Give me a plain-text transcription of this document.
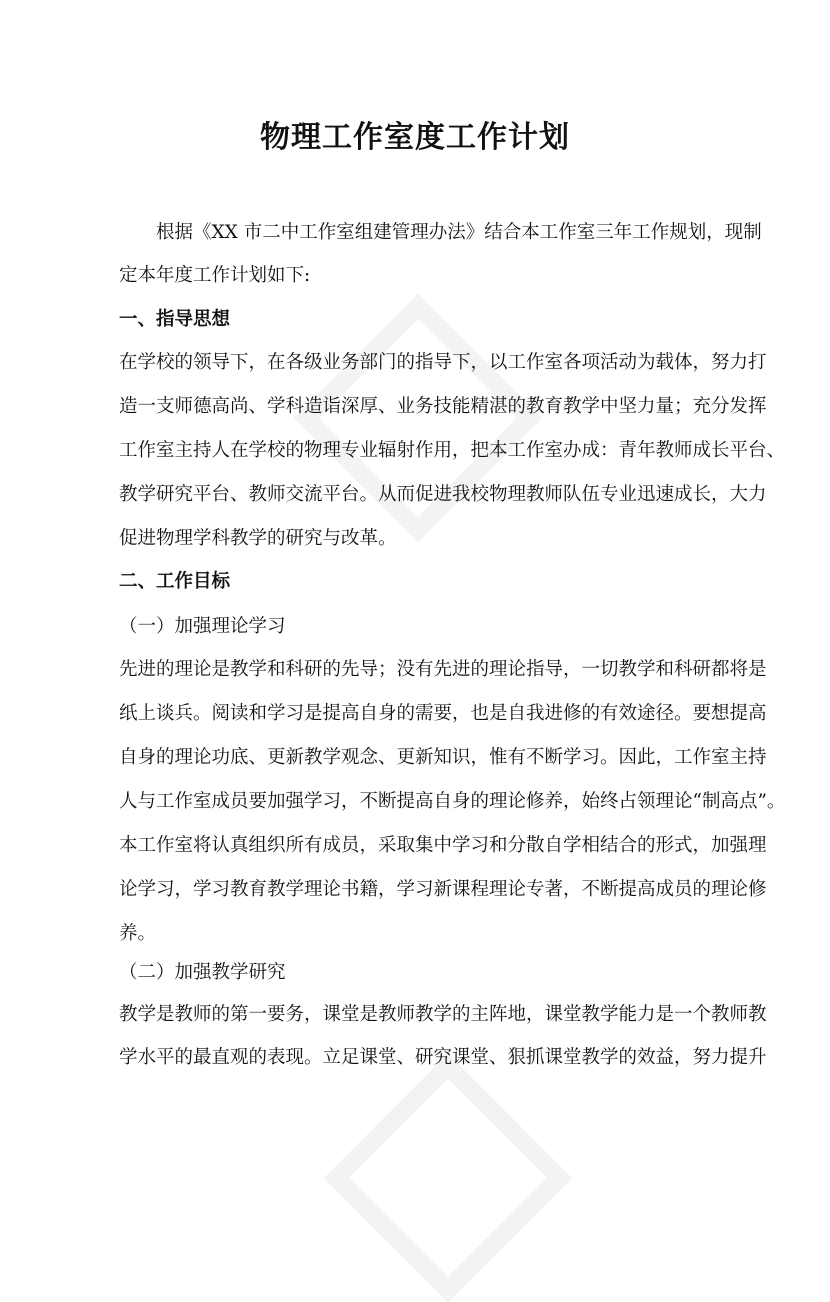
物理工作室度工作计划
根据《XX 市二中工作室组建管理办法》结合本工作室三年工作规划，现制
定本年度工作计划如下:
一、指导思想
在学校的领导下，在各级业务部门的指导下，以工作室各项活动为载体，努力打
造一支师德高尚、学科造诣深厚、业务技能精湛的教育教学中坚力量；充分发挥
工作室主持人在学校的物理专业辐射作用，把本工作室办成：青年教师成长平台、
教学研究平台、教师交流平台。从而促进我校物理教师队伍专业迅速成长，大力
促进物理学科教学的研究与改革。
二、工作目标
（一）加强理论学习
先进的理论是教学和科研的先导；没有先进的理论指导，一切教学和科研都将是
纸上谈兵。阅读和学习是提高自身的需要，也是自我进修的有效途径。要想提高
自身的理论功底、更新教学观念、更新知识，惟有不断学习。因此，工作室主持
人与工作室成员要加强学习，不断提高自身的理论修养，始终占领理论“制高点”。
本工作室将认真组织所有成员，采取集中学习和分散自学相结合的形式，加强理
论学习，学习教育教学理论书籍，学习新课程理论专著，不断提高成员的理论修
养。
（二）加强教学研究
教学是教师的第一要务，课堂是教师教学的主阵地，课堂教学能力是一个教师教
学水平的最直观的表现。立足课堂、研究课堂、狠抓课堂教学的效益，努力提升
